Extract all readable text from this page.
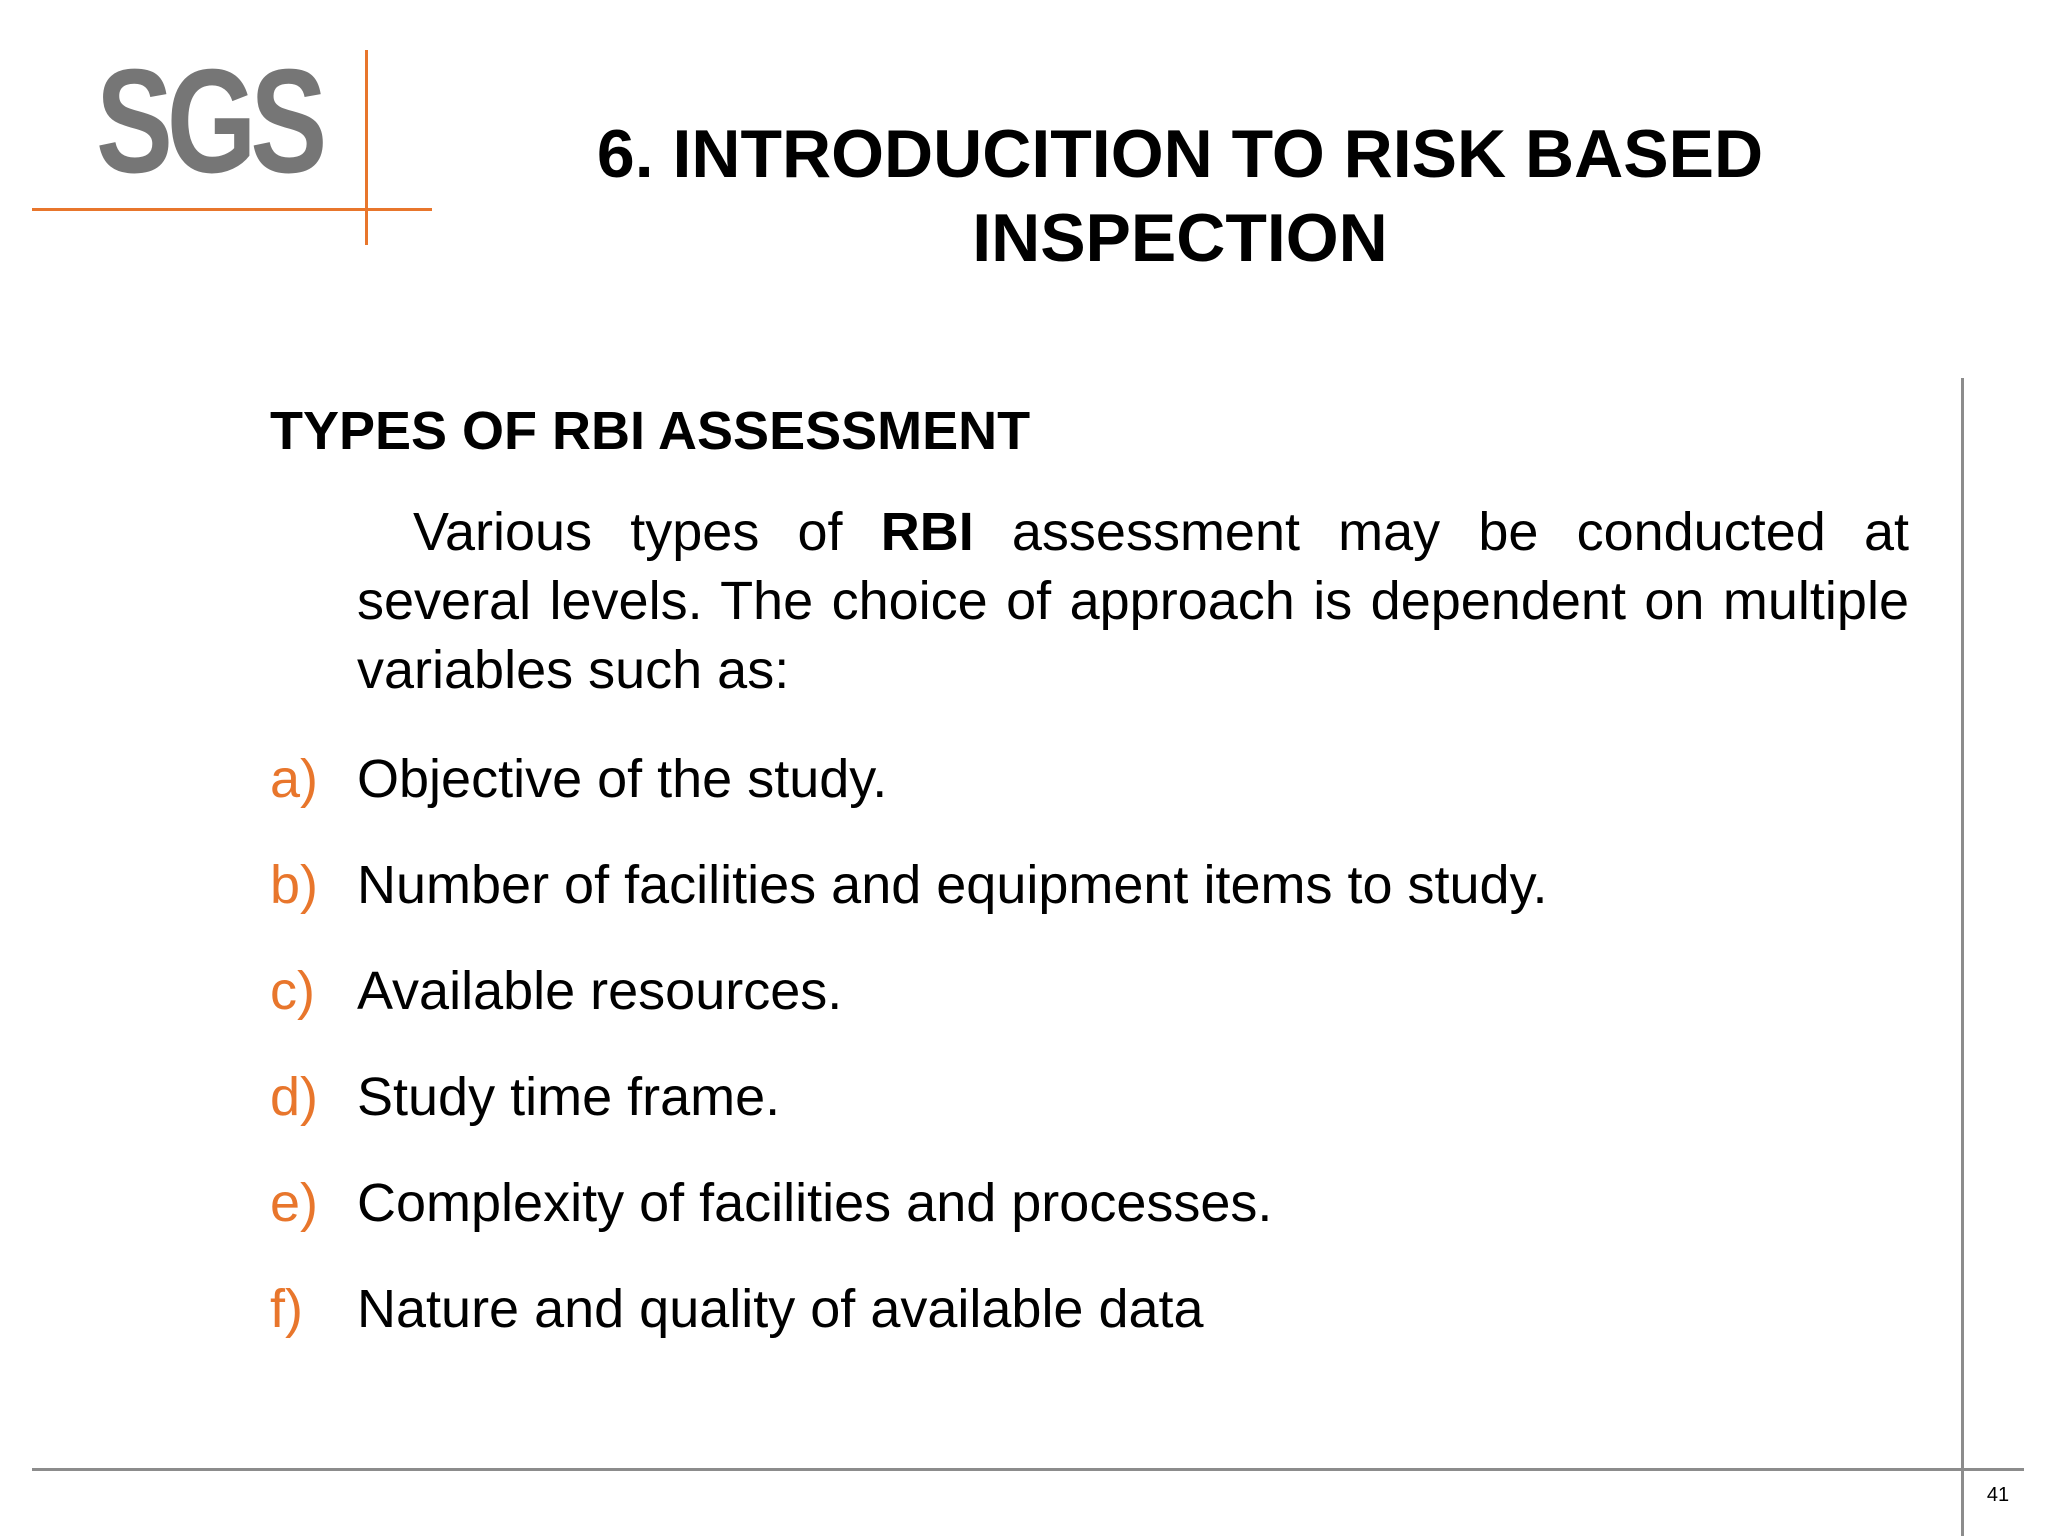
SGS	6. INTRODUCITION TO RISK BASED
INSPECTION
41
TYPES OF RBI ASSESSMENT

Various types of RBI assessment may be conducted at several levels. The choice of approach is dependent on multiple variables such as:

a) Objective of the study.
b) Number of facilities and equipment items to study.
c) Available resources.
d) Study time frame.
e) Complexity of facilities and processes.
f)	Nature and quality of available data
